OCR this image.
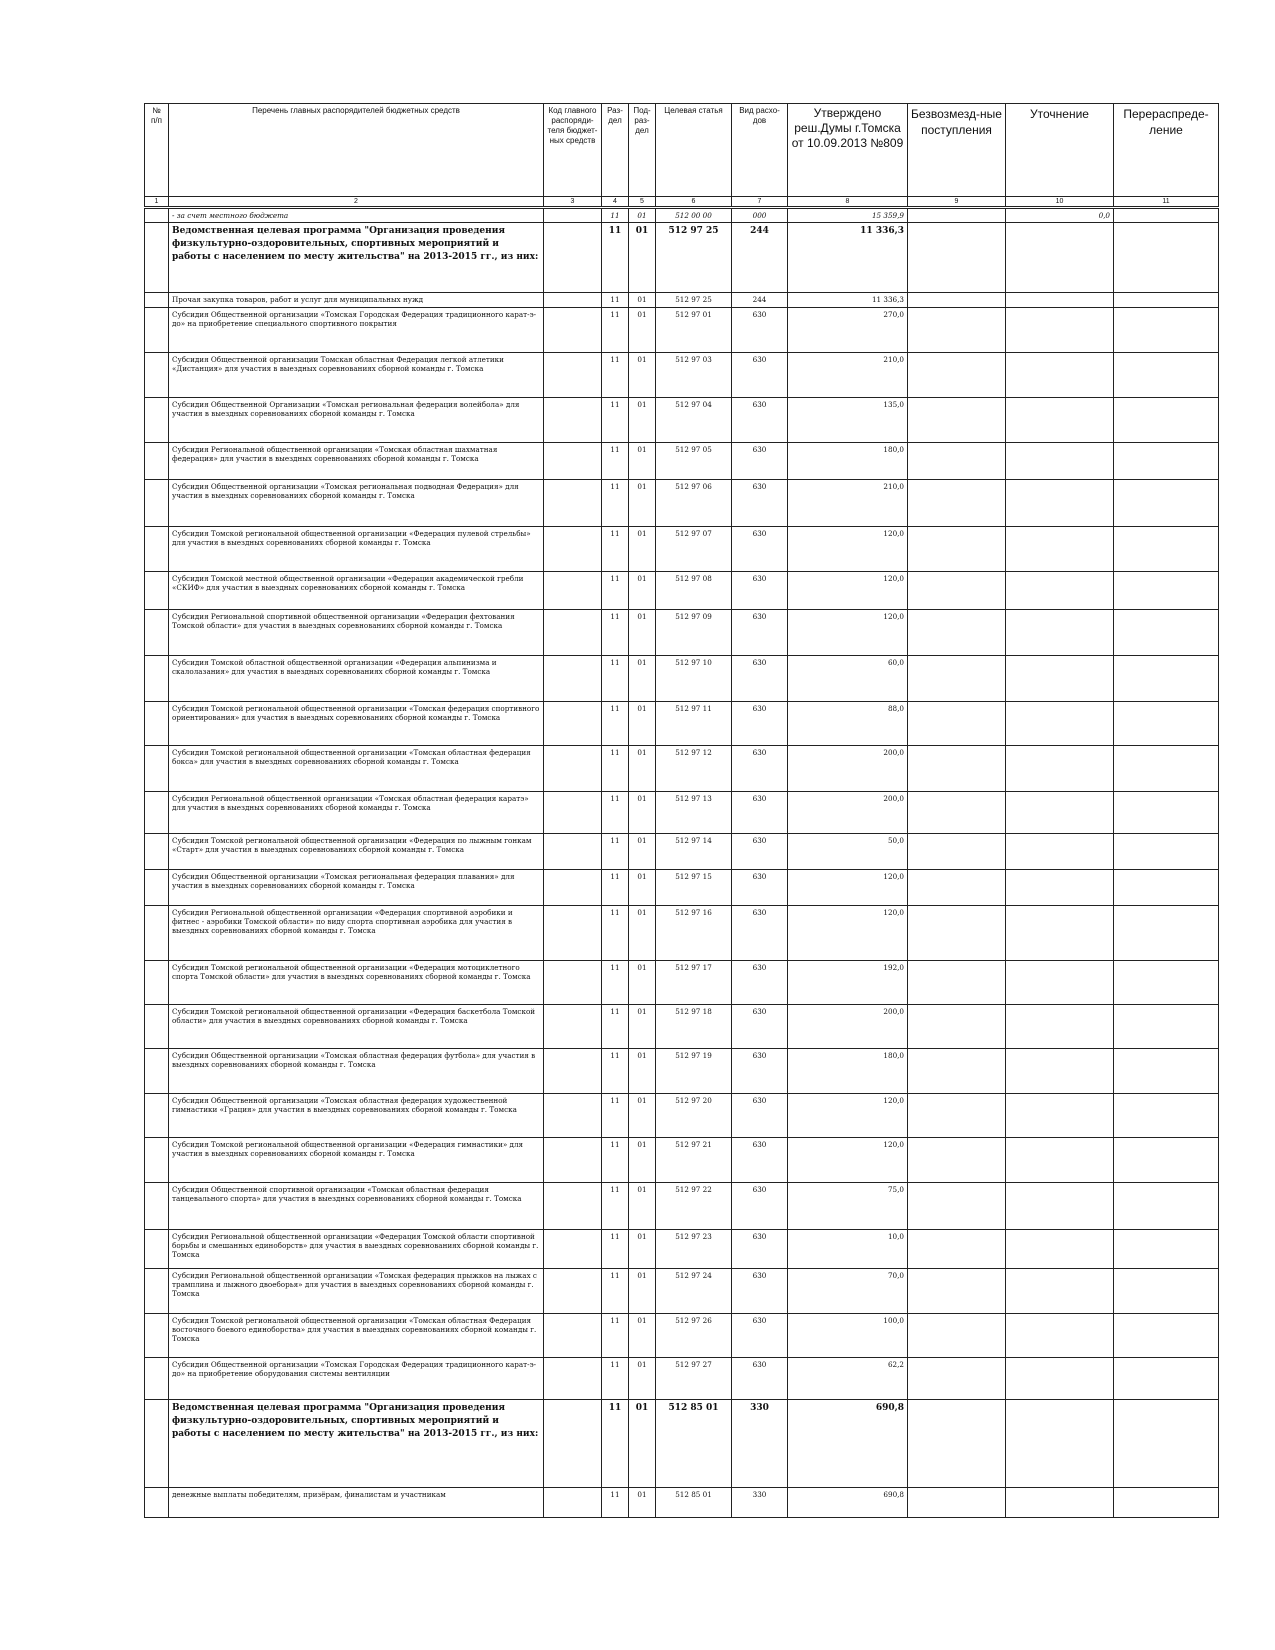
№ п/п	Перечень главных распорядителей бюджетных средств	Код главного распоряди-теля бюджет-ных средств	Раз-дел	Под-раз-дел	Целевая статья	Вид расхо-дов	Утверждено реш.Думы г.Томска от 10.09.2013 №809	Безвозмезд-ные поступления	Уточнение	Перераспреде-ление
1	2	3	4	5	6	7	8	9	10	11
	- за счет местного бюджета		11	01	512 00 00	000	15 359,9		0,0	
	Ведомственная целевая программа "Организация проведения физкультурно-оздоровительных, спортивных мероприятий и работы с населением по месту жительства" на 2013-2015 гг., из них:		11	01	512 97 25	244	11 336,3			
	Прочая закупка товаров, работ и услуг для муниципальных нужд		11	01	512 97 25	244	11 336,3			
	Субсидия Общественной организации «Томская Городская Федерация традиционного карат-э-до» на приобретение специального спортивного покрытия		11	01	512 97 01	630	270,0			
	Субсидия Общественной организации Томская областная Федерация легкой атлетики «Дистанция» для участия в выездных соревнованиях сборной команды г. Томска		11	01	512 97 03	630	210,0			
	Субсидия Общественной Организации «Томская региональная федерация волейбола» для участия в выездных соревнованиях сборной команды г. Томска		11	01	512 97 04	630	135,0			
	Субсидия Региональной общественной организации «Томская областная шахматная федерация» для участия в выездных соревнованиях сборной команды г. Томска		11	01	512 97 05	630	180,0			
	Субсидия Общественной организации «Томская региональная подводная Федерация» для участия в выездных соревнованиях сборной команды г. Томска		11	01	512 97 06	630	210,0			
	Субсидия Томской региональной общественной организации «Федерация пулевой стрельбы» для участия в выездных соревнованиях сборной команды г. Томска		11	01	512 97 07	630	120,0			
	Субсидия Томской местной общественной организации «Федерация академической гребли «СКИФ» для участия в выездных соревнованиях сборной команды г. Томска		11	01	512 97 08	630	120,0			
	Субсидия Региональной спортивной общественной организации «Федерация фехтования Томской области» для участия в выездных соревнованиях сборной команды г. Томска		11	01	512 97 09	630	120,0			
	Субсидия Томской областной общественной организации «Федерация альпинизма и скалолазания» для участия в выездных соревнованиях сборной команды г. Томска		11	01	512 97 10	630	60,0			
	Субсидия Томской региональной общественной организации «Томская федерация спортивного ориентирования» для участия в выездных соревнованиях сборной команды г. Томска		11	01	512 97 11	630	88,0			
	Субсидия Томской региональной общественной организации «Томская областная федерация бокса» для участия в выездных соревнованиях сборной команды г. Томска		11	01	512 97 12	630	200,0			
	Субсидия Региональной общественной организации «Томская областная федерация каратэ» для участия в выездных соревнованиях сборной команды г. Томска		11	01	512 97 13	630	200,0			
	Субсидия Томской региональной общественной организации «Федерация по лыжным гонкам «Старт» для участия в выездных соревнованиях сборной команды г. Томска		11	01	512 97 14	630	50,0			
	Субсидия Общественной организации «Томская региональная федерация плавания» для участия в выездных соревнованиях сборной команды г. Томска		11	01	512 97 15	630	120,0			
	Субсидия Региональной общественной организации «Федерация спортивной аэробики и фитнес - аэробики Томской области» по виду спорта спортивная аэробика для участия в выездных соревнованиях сборной команды г. Томска		11	01	512 97 16	630	120,0			
	Субсидия Томской региональной общественной организации «Федерация мотоциклетного спорта Томской области» для участия в выездных соревнованиях сборной команды г. Томска		11	01	512 97 17	630	192,0			
	Субсидия Томской региональной общественной организации «Федерация баскетбола Томской области» для участия в выездных соревнованиях сборной команды г. Томска		11	01	512 97 18	630	200,0			
	Субсидия Общественной организации «Томская областная федерация футбола» для участия в выездных соревнованиях сборной команды г. Томска		11	01	512 97 19	630	180,0			
	Субсидия Общественной организации «Томская областная федерация художественной гимнастики «Грация» для участия в выездных соревнованиях сборной команды г. Томска		11	01	512 97 20	630	120,0			
	Субсидия Томской региональной общественной организации «Федерация гимнастики» для участия в выездных соревнованиях сборной команды г. Томска		11	01	512 97 21	630	120,0			
	Субсидия Общественной спортивной организации «Томская областная федерация танцевального спорта» для участия в выездных соревнованиях сборной команды г. Томска		11	01	512 97 22	630	75,0			
	Субсидия Региональной общественной организации «Федерация Томской области спортивной борьбы и смешанных единоборств» для участия в выездных соревнованиях сборной команды г. Томска		11	01	512 97 23	630	10,0			
	Субсидия Региональной общественной организации «Томская федерация прыжков на лыжах с трамплина и лыжного двоеборья» для участия в выездных соревнованиях сборной команды г. Томска		11	01	512 97 24	630	70,0			
	Субсидия Томской региональной общественной организации «Томская областная Федерация восточного боевого единоборства» для участия в выездных соревнованиях сборной команды г. Томска		11	01	512 97 26	630	100,0			
	Субсидия Общественной организации «Томская Городская Федерация традиционного карат-э-до» на приобретение оборудования системы вентиляции		11	01	512 97 27	630	62,2			
	Ведомственная целевая программа "Организация проведения физкультурно-оздоровительных, спортивных мероприятий и работы с населением по месту жительства" на 2013-2015 гг., из них:		11	01	512 85 01	330	690,8			
	денежные выплаты победителям, призёрам, финалистам и участникам		11	01	512 85 01	330	690,8			
